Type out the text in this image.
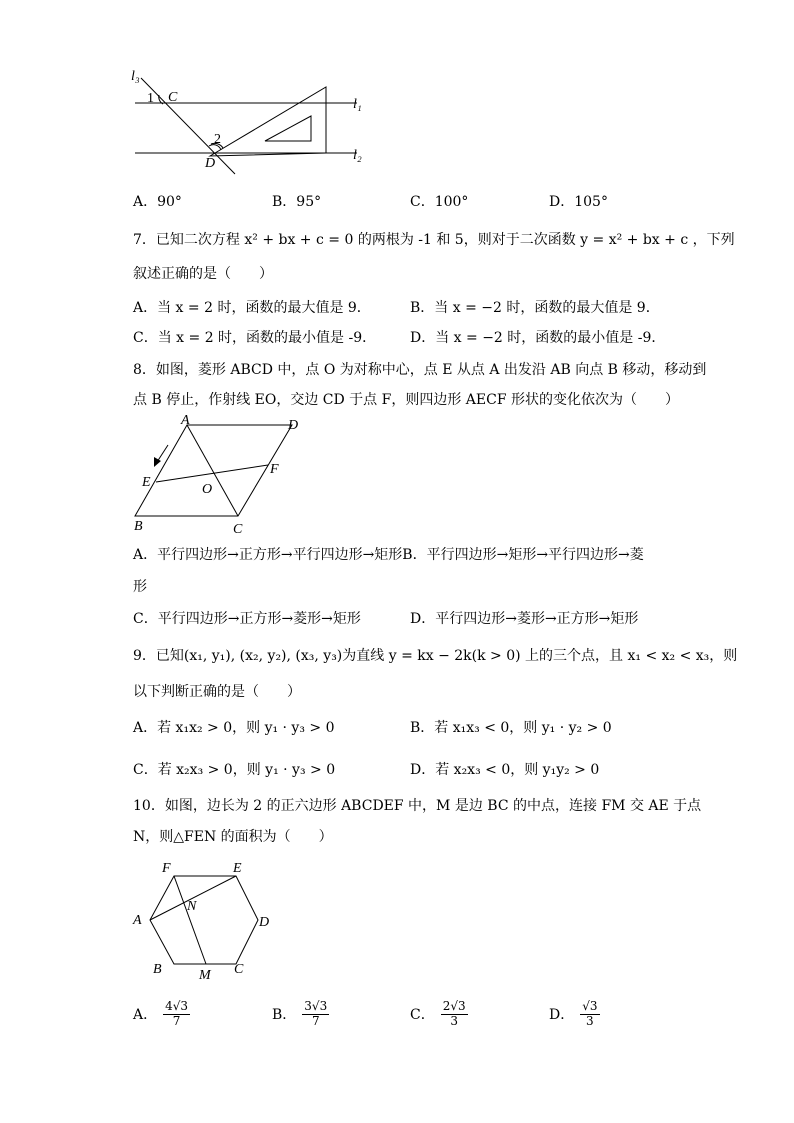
l₃
l₁
l₂
1 C
2
D
A．90°	B．95°	C．100°	D．105°
7．已知二次方程 x² + bx + c = 0 的两根为 -1 和 5，则对于二次函数 y = x² + bx + c ，下列
叙述正确的是（　　）
A．当 x = 2 时，函数的最大值是 9．	B．当 x = −2 时，函数的最大值是 9．
C．当 x = 2 时，函数的最小值是 -9． D．当 x = −2 时，函数的最小值是 -9．
8．如图，菱形 ABCD 中，点 O 为对称中心，点 E 从点 A 出发沿 AB 向点 B 移动，移动到
点 B 停止，作射线 EO，交边 CD 于点 F，则四边形 AECF 形状的变化依次为（　　）
A	D
E
F
O
B	C
A．平行四边形→正方形→平行四边形→矩形B．平行四边形→矩形→平行四边形→菱
形
C．平行四边形→正方形→菱形→矩形	D．平行四边形→菱形→正方形→矩形
9．已知(x₁, y₁), (x₂, y₂), (x₃, y₃)为直线 y = kx − 2k(k > 0) 上的三个点，且 x₁ < x₂ < x₃，则
以下判断正确的是（　　）
A．若 x₁x₂ > 0，则 y₁ · y₃ > 0	B．若 x₁x₃ < 0，则 y₁ · y₂ > 0
C．若 x₂x₃ > 0，则 y₁ · y₃ > 0	D．若 x₂x₃ < 0，则 y₁y₂ > 0
10．如图，边长为 2 的正六边形 ABCDEF 中，M 是边 BC 的中点，连接 FM 交 AE 于点
N，则△FEN 的面积为（　　）
F	E
A
N
D
B	M C
A． $\frac{4√3}{7}$	B． $\frac{3√3}{7}$	C． $\frac{2√3}{3}$	D． $\frac{√3}{3}$
